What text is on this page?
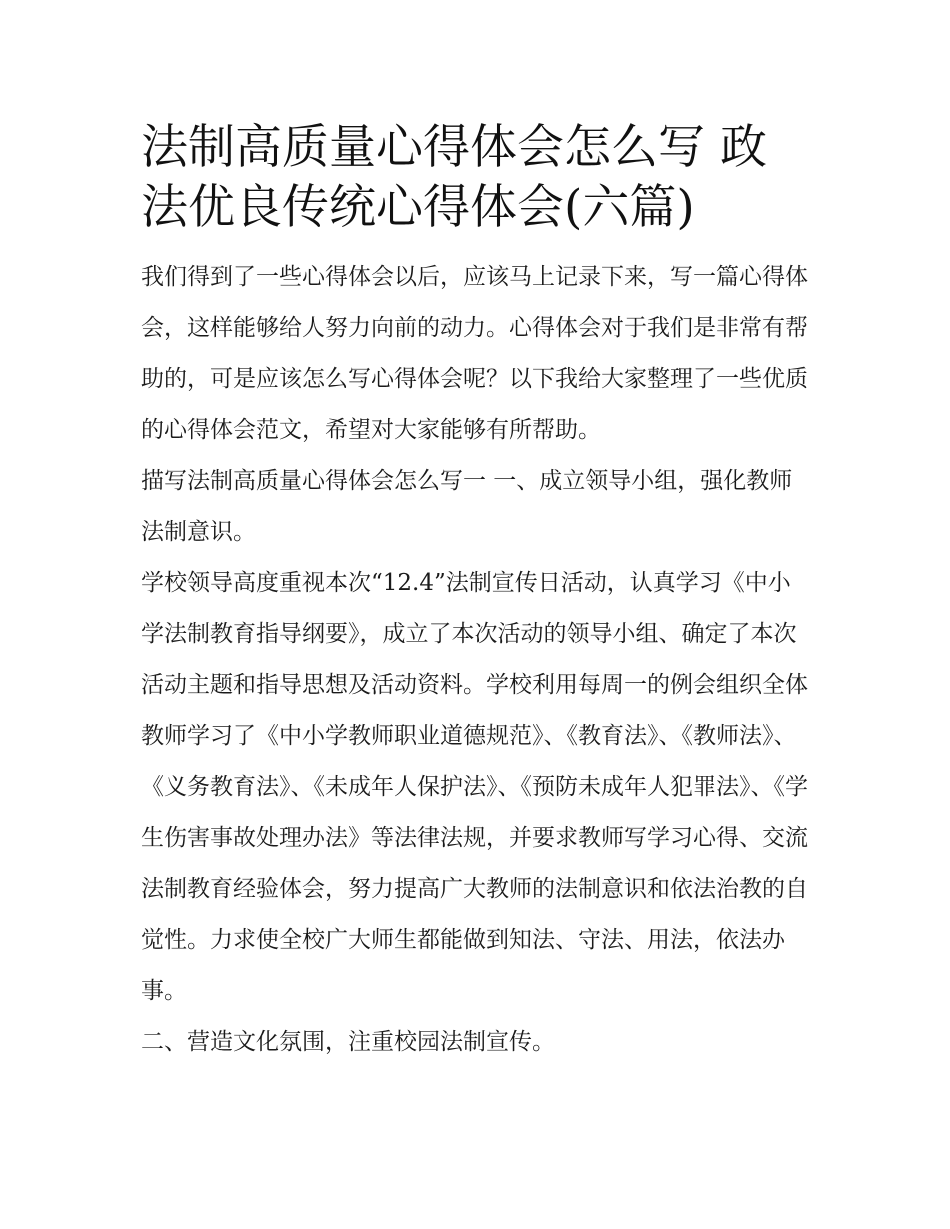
法制高质量心得体会怎么写 政法优良传统心得体会(六篇)

我们得到了一些心得体会以后，应该马上记录下来，写一篇心得体会，这样能够给人努力向前的动力。心得体会对于我们是非常有帮助的，可是应该怎么写心得体会呢？以下我给大家整理了一些优质的心得体会范文，希望对大家能够有所帮助。

描写法制高质量心得体会怎么写一 一、成立领导小组，强化教师法制意识。

学校领导高度重视本次“12.4”法制宣传日活动，认真学习《中小学法制教育指导纲要》，成立了本次活动的领导小组、确定了本次活动主题和指导思想及活动资料。学校利用每周一的例会组织全体教师学习了《中小学教师职业道德规范》、《教育法》、《教师法》、《义务教育法》、《未成年人保护法》、《预防未成年人犯罪法》、《学生伤害事故处理办法》等法律法规，并要求教师写学习心得、交流法制教育经验体会，努力提高广大教师的法制意识和依法治教的自觉性。力求使全校广大师生都能做到知法、守法、用法，依法办事。

二、营造文化氛围，注重校园法制宣传。
